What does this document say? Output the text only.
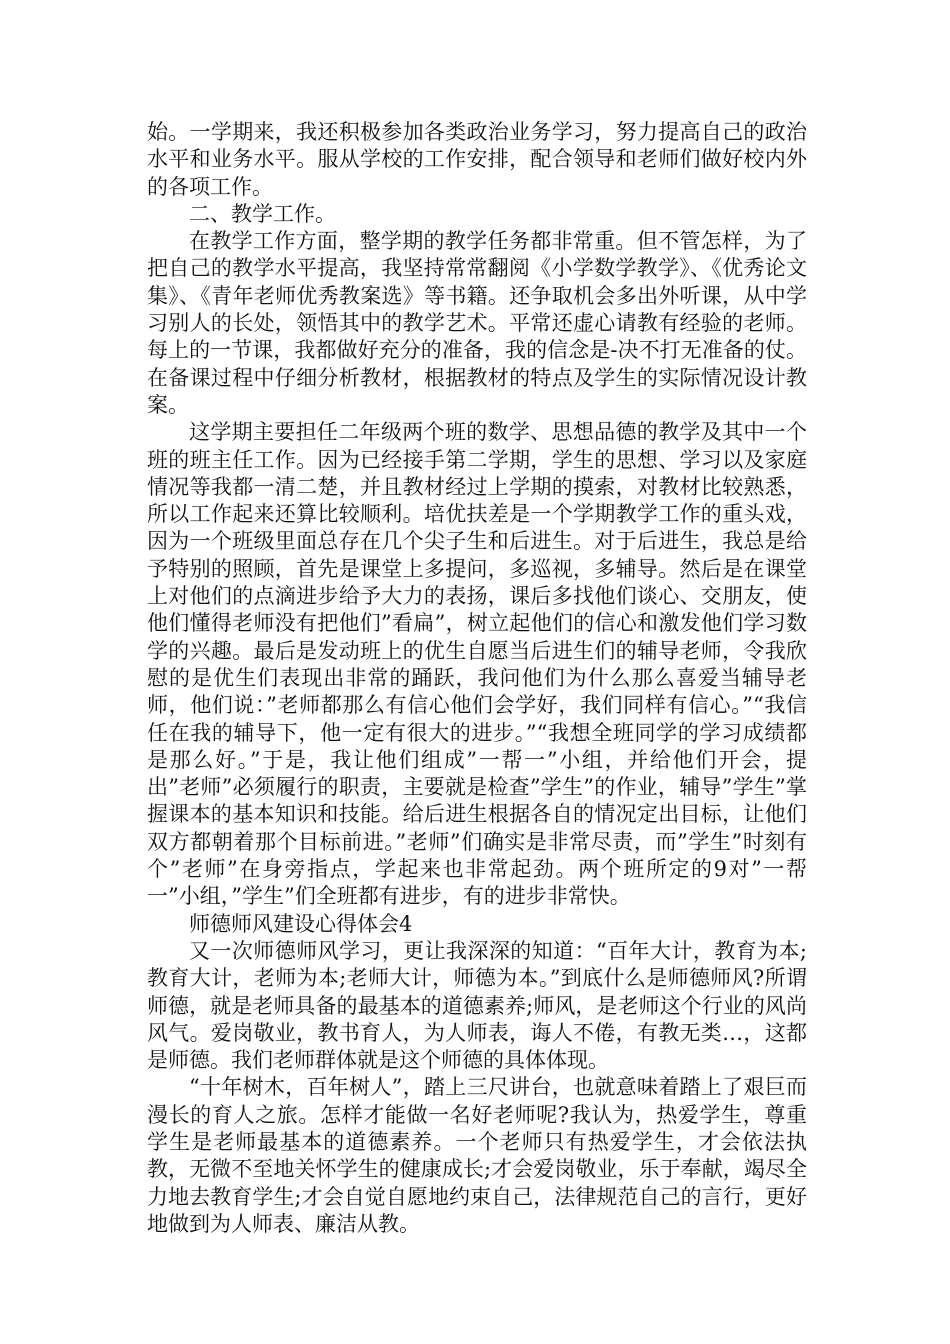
始。一学期来，我还积极参加各类政治业务学习，努力提高自己的政治水平和业务水平。服从学校的工作安排，配合领导和老师们做好校内外的各项工作。

二、教学工作。

在教学工作方面，整学期的教学任务都非常重。但不管怎样，为了把自己的教学水平提高，我坚持常常翻阅《小学数学教学》、《优秀论文集》、《青年老师优秀教案选》等书籍。还争取机会多出外听课，从中学习别人的长处，领悟其中的教学艺术。平常还虚心请教有经验的老师。每上的一节课，我都做好充分的准备，我的信念是-决不打无准备的仗。在备课过程中仔细分析教材，根据教材的特点及学生的实际情况设计教案。

这学期主要担任二年级两个班的数学、思想品德的教学及其中一个班的班主任工作。因为已经接手第二学期，学生的思想、学习以及家庭情况等我都一清二楚，并且教材经过上学期的摸索，对教材比较熟悉，所以工作起来还算比较顺利。培优扶差是一个学期教学工作的重头戏，因为一个班级里面总存在几个尖子生和后进生。对于后进生，我总是给予特别的照顾，首先是课堂上多提问，多巡视，多辅导。然后是在课堂上对他们的点滴进步给予大力的表扬，课后多找他们谈心、交朋友，使他们懂得老师没有把他们”看扁”，树立起他们的信心和激发他们学习数学的兴趣。最后是发动班上的优生自愿当后进生们的辅导老师，令我欣慰的是优生们表现出非常的踊跃，我问他们为什么那么喜爱当辅导老师，他们说：”老师都那么有信心他们会学好，我们同样有信心。”“我信任在我的辅导下，他一定有很大的进步。”“我想全班同学的学习成绩都是那么好。”于是，我让他们组成”一帮一”小组，并给他们开会，提出”老师”必须履行的职责，主要就是检查”学生”的作业，辅导”学生”掌握课本的基本知识和技能。给后进生根据各自的情况定出目标，让他们双方都朝着那个目标前进。”老师”们确实是非常尽责，而”学生”时刻有个”老师”在身旁指点，学起来也非常起劲。两个班所定的9对”一帮一”小组，”学生”们全班都有进步，有的进步非常快。

师德师风建设心得体会4

又一次师德师风学习，更让我深深的知道：“百年大计，教育为本;教育大计，老师为本;老师大计，师德为本。”到底什么是师德师风?所谓师德，就是老师具备的最基本的道德素养;师风，是老师这个行业的风尚风气。爱岗敬业，教书育人，为人师表，诲人不倦，有教无类…，这都是师德。我们老师群体就是这个师德的具体体现。

“十年树木，百年树人”，踏上三尺讲台，也就意味着踏上了艰巨而漫长的育人之旅。怎样才能做一名好老师呢?我认为，热爱学生，尊重学生是老师最基本的道德素养。一个老师只有热爱学生，才会依法执教，无微不至地关怀学生的健康成长;才会爱岗敬业，乐于奉献，竭尽全力地去教育学生;才会自觉自愿地约束自己，法律规范自己的言行，更好地做到为人师表、廉洁从教。
